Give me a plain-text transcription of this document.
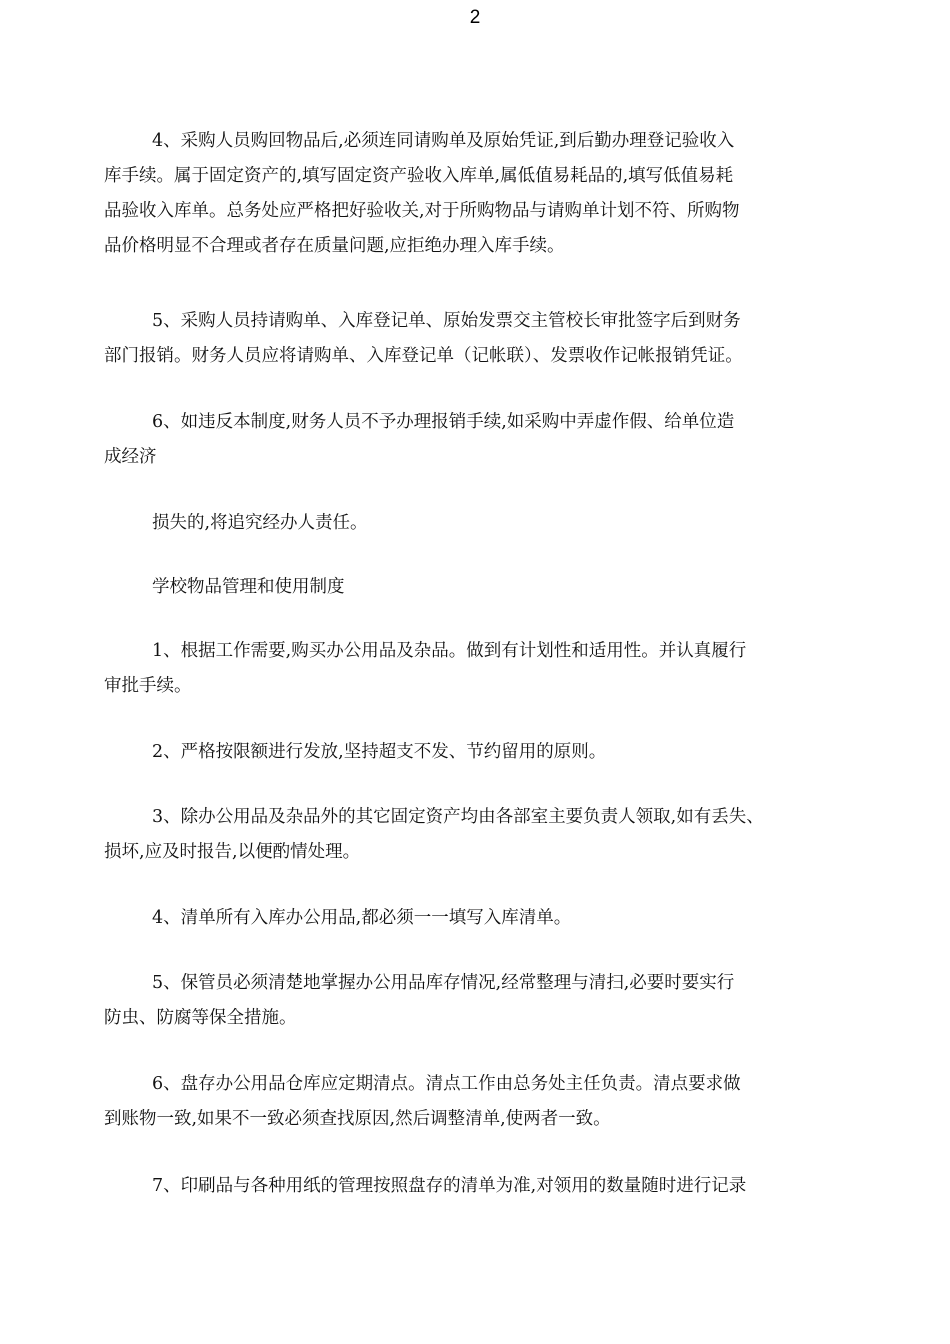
2

4、采购人员购回物品后,必须连同请购单及原始凭证,到后勤办理登记验收入
库手续。属于固定资产的,填写固定资产验收入库单,属低值易耗品的,填写低值易耗
品验收入库单。总务处应严格把好验收关,对于所购物品与请购单计划不符、所购物
品价格明显不合理或者存在质量问题,应拒绝办理入库手续。

5、采购人员持请购单、入库登记单、原始发票交主管校长审批签字后到财务
部门报销。财务人员应将请购单、入库登记单（记帐联）、发票收作记帐报销凭证。

6、如违反本制度,财务人员不予办理报销手续,如采购中弄虚作假、给单位造
成经济

损失的,将追究经办人责任。

学校物品管理和使用制度

1、根据工作需要,购买办公用品及杂品。做到有计划性和适用性。并认真履行
审批手续。

2、严格按限额进行发放,坚持超支不发、节约留用的原则。

3、除办公用品及杂品外的其它固定资产均由各部室主要负责人领取,如有丢失、
损坏,应及时报告,以便酌情处理。

4、清单所有入库办公用品,都必须一一填写入库清单。

5、保管员必须清楚地掌握办公用品库存情况,经常整理与清扫,必要时要实行
防虫、防腐等保全措施。

6、盘存办公用品仓库应定期清点。清点工作由总务处主任负责。清点要求做
到账物一致,如果不一致必须查找原因,然后调整清单,使两者一致。

7、印刷品与各种用纸的管理按照盘存的清单为准,对领用的数量随时进行记录
